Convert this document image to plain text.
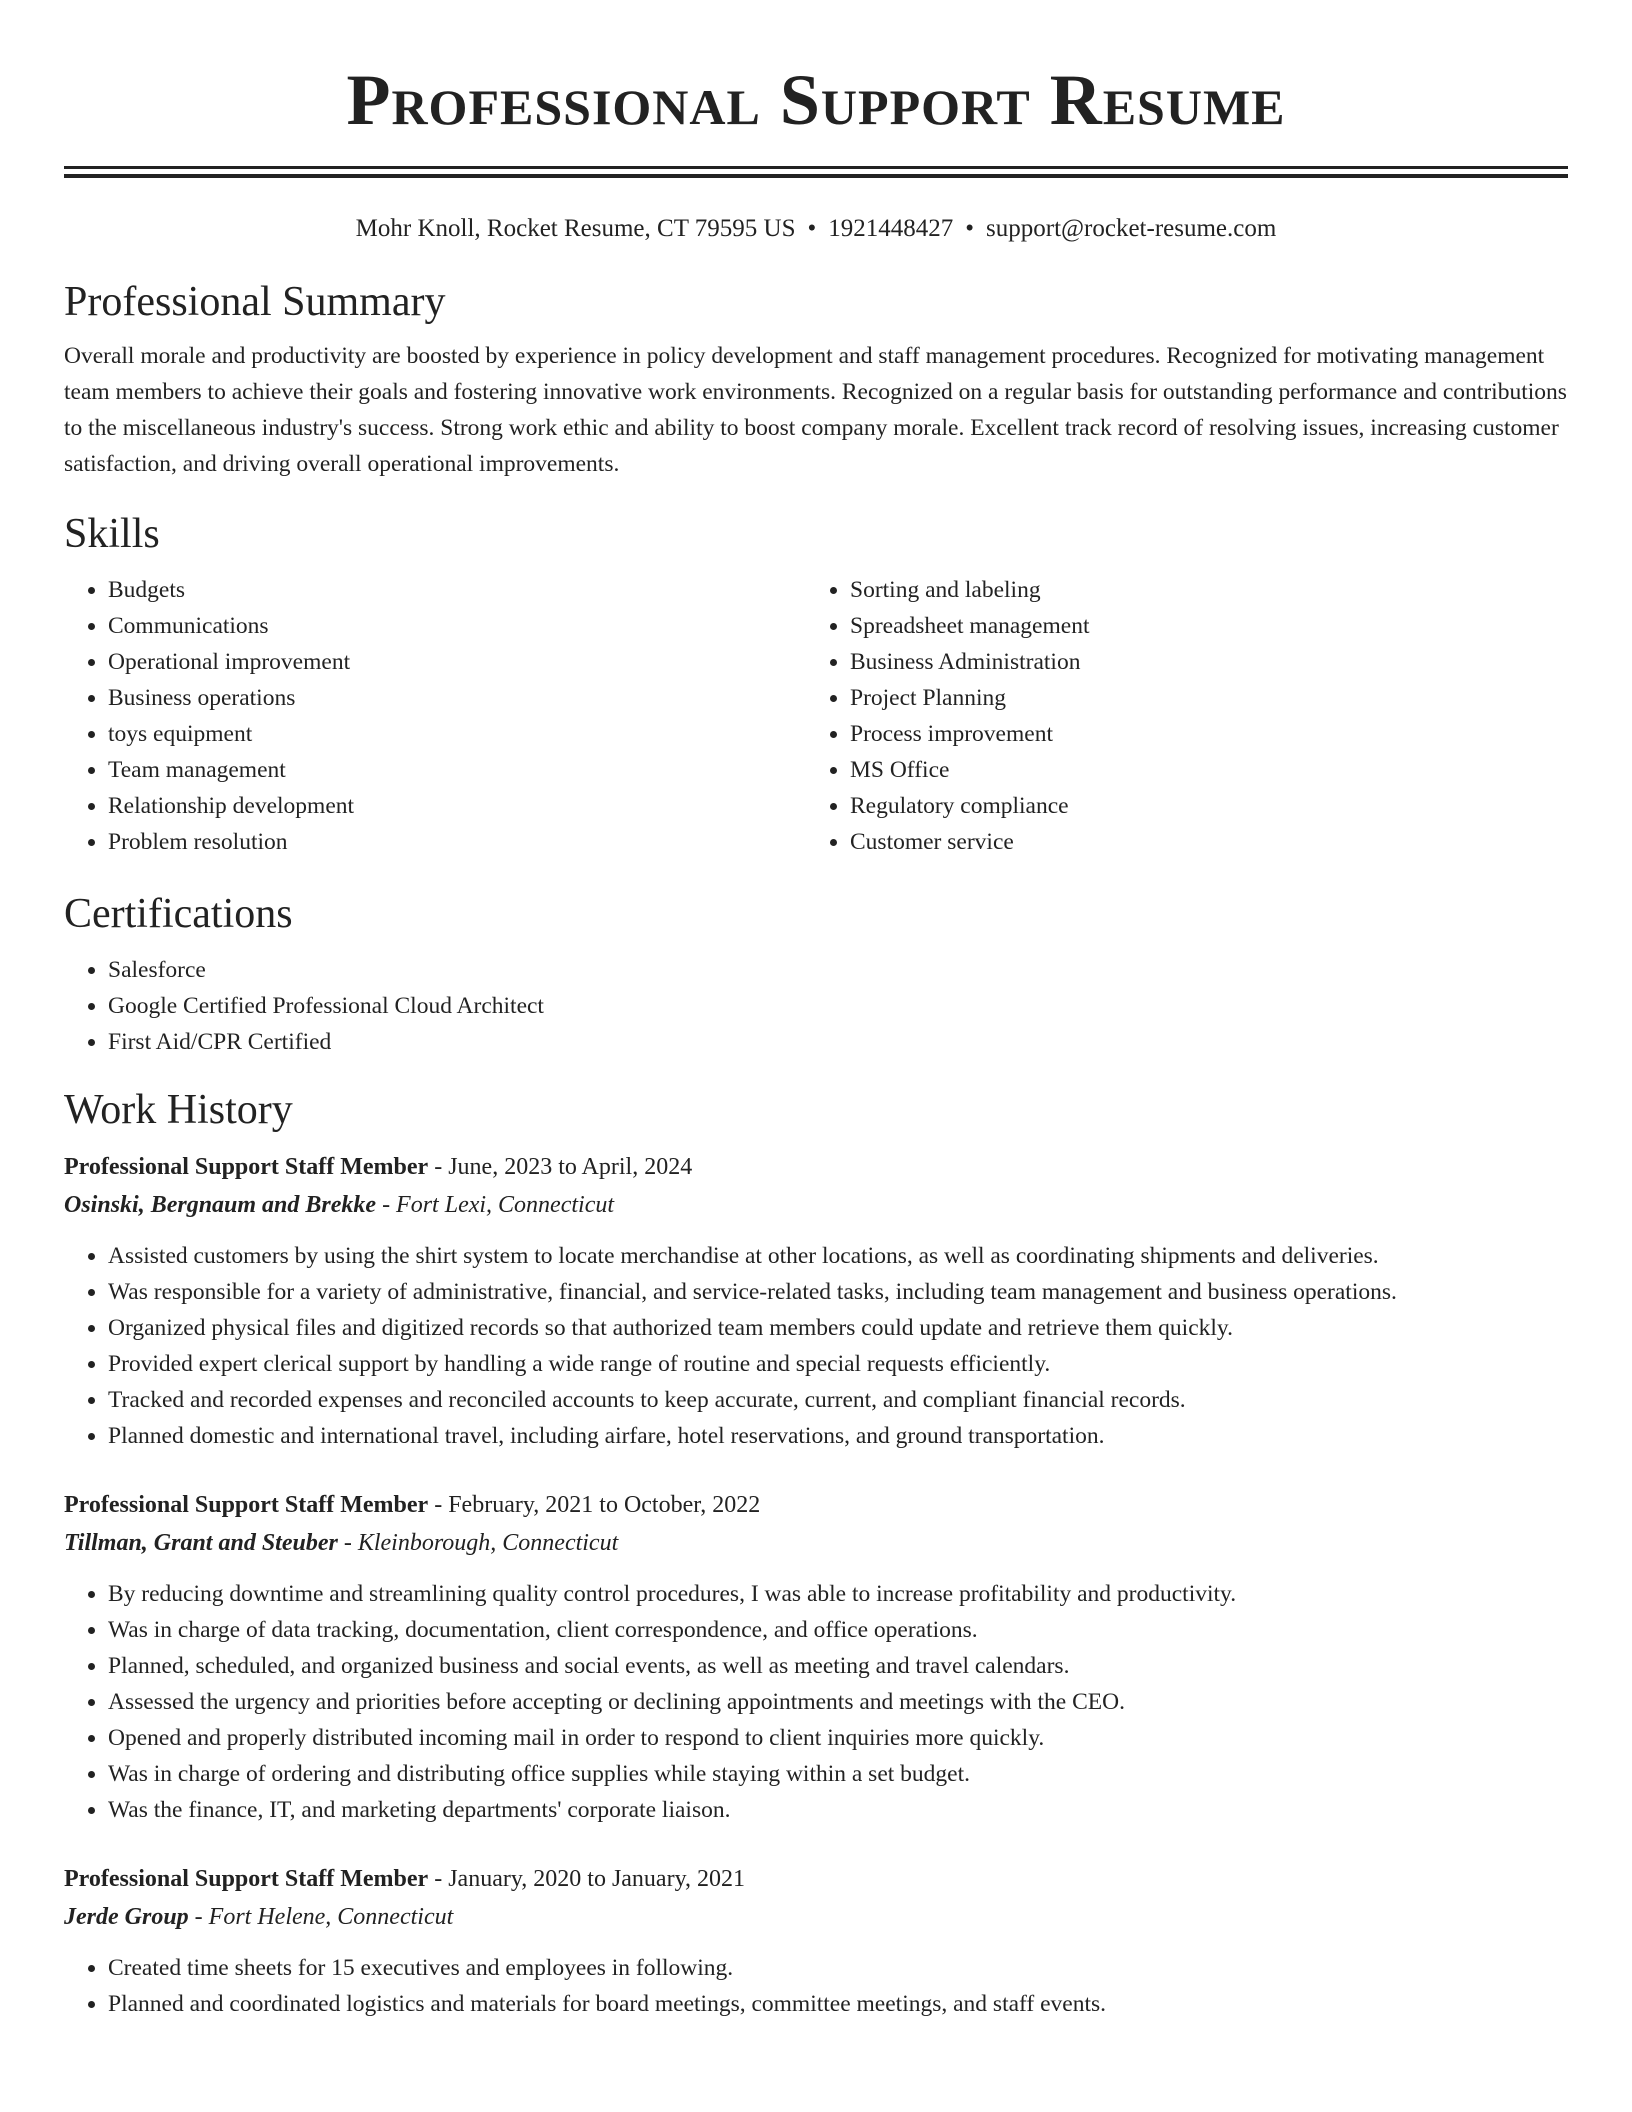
Professional Support Resume
Mohr Knoll, Rocket Resume, CT 79595 US • 1921448427 • support@rocket-resume.com
Professional Summary

Overall morale and productivity are boosted by experience in policy development and staff management procedures. Recognized for motivating management team members to achieve their goals and fostering innovative work environments. Recognized on a regular basis for outstanding performance and contributions to the miscellaneous industry's success. Strong work ethic and ability to boost company morale. Excellent track record of resolving issues, increasing customer satisfaction, and driving overall operational improvements.

Skills
• Budgets
• Communications
• Operational improvement
• Business operations
• toys equipment
• Team management
• Relationship development
• Problem resolution
• Sorting and labeling
• Spreadsheet management
• Business Administration
• Project Planning
• Process improvement
• MS Office
• Regulatory compliance
• Customer service
Certifications
• Salesforce
• Google Certified Professional Cloud Architect
• First Aid/CPR Certified
Work History
Professional Support Staff Member - June, 2023 to April, 2024
Osinski, Bergnaum and Brekke - Fort Lexi, Connecticut
• Assisted customers by using the shirt system to locate merchandise at other locations, as well as coordinating shipments and deliveries.
• Was responsible for a variety of administrative, financial, and service-related tasks, including team management and business operations.
• Organized physical files and digitized records so that authorized team members could update and retrieve them quickly.
• Provided expert clerical support by handling a wide range of routine and special requests efficiently.
• Tracked and recorded expenses and reconciled accounts to keep accurate, current, and compliant financial records.
• Planned domestic and international travel, including airfare, hotel reservations, and ground transportation.
Professional Support Staff Member - February, 2021 to October, 2022
Tillman, Grant and Steuber - Kleinborough, Connecticut
• By reducing downtime and streamlining quality control procedures, I was able to increase profitability and productivity.
• Was in charge of data tracking, documentation, client correspondence, and office operations.
• Planned, scheduled, and organized business and social events, as well as meeting and travel calendars.
• Assessed the urgency and priorities before accepting or declining appointments and meetings with the CEO.
• Opened and properly distributed incoming mail in order to respond to client inquiries more quickly.
• Was in charge of ordering and distributing office supplies while staying within a set budget.
• Was the finance, IT, and marketing departments' corporate liaison.
Professional Support Staff Member - January, 2020 to January, 2021
Jerde Group - Fort Helene, Connecticut
• Created time sheets for 15 executives and employees in following.
• Planned and coordinated logistics and materials for board meetings, committee meetings, and staff events.
